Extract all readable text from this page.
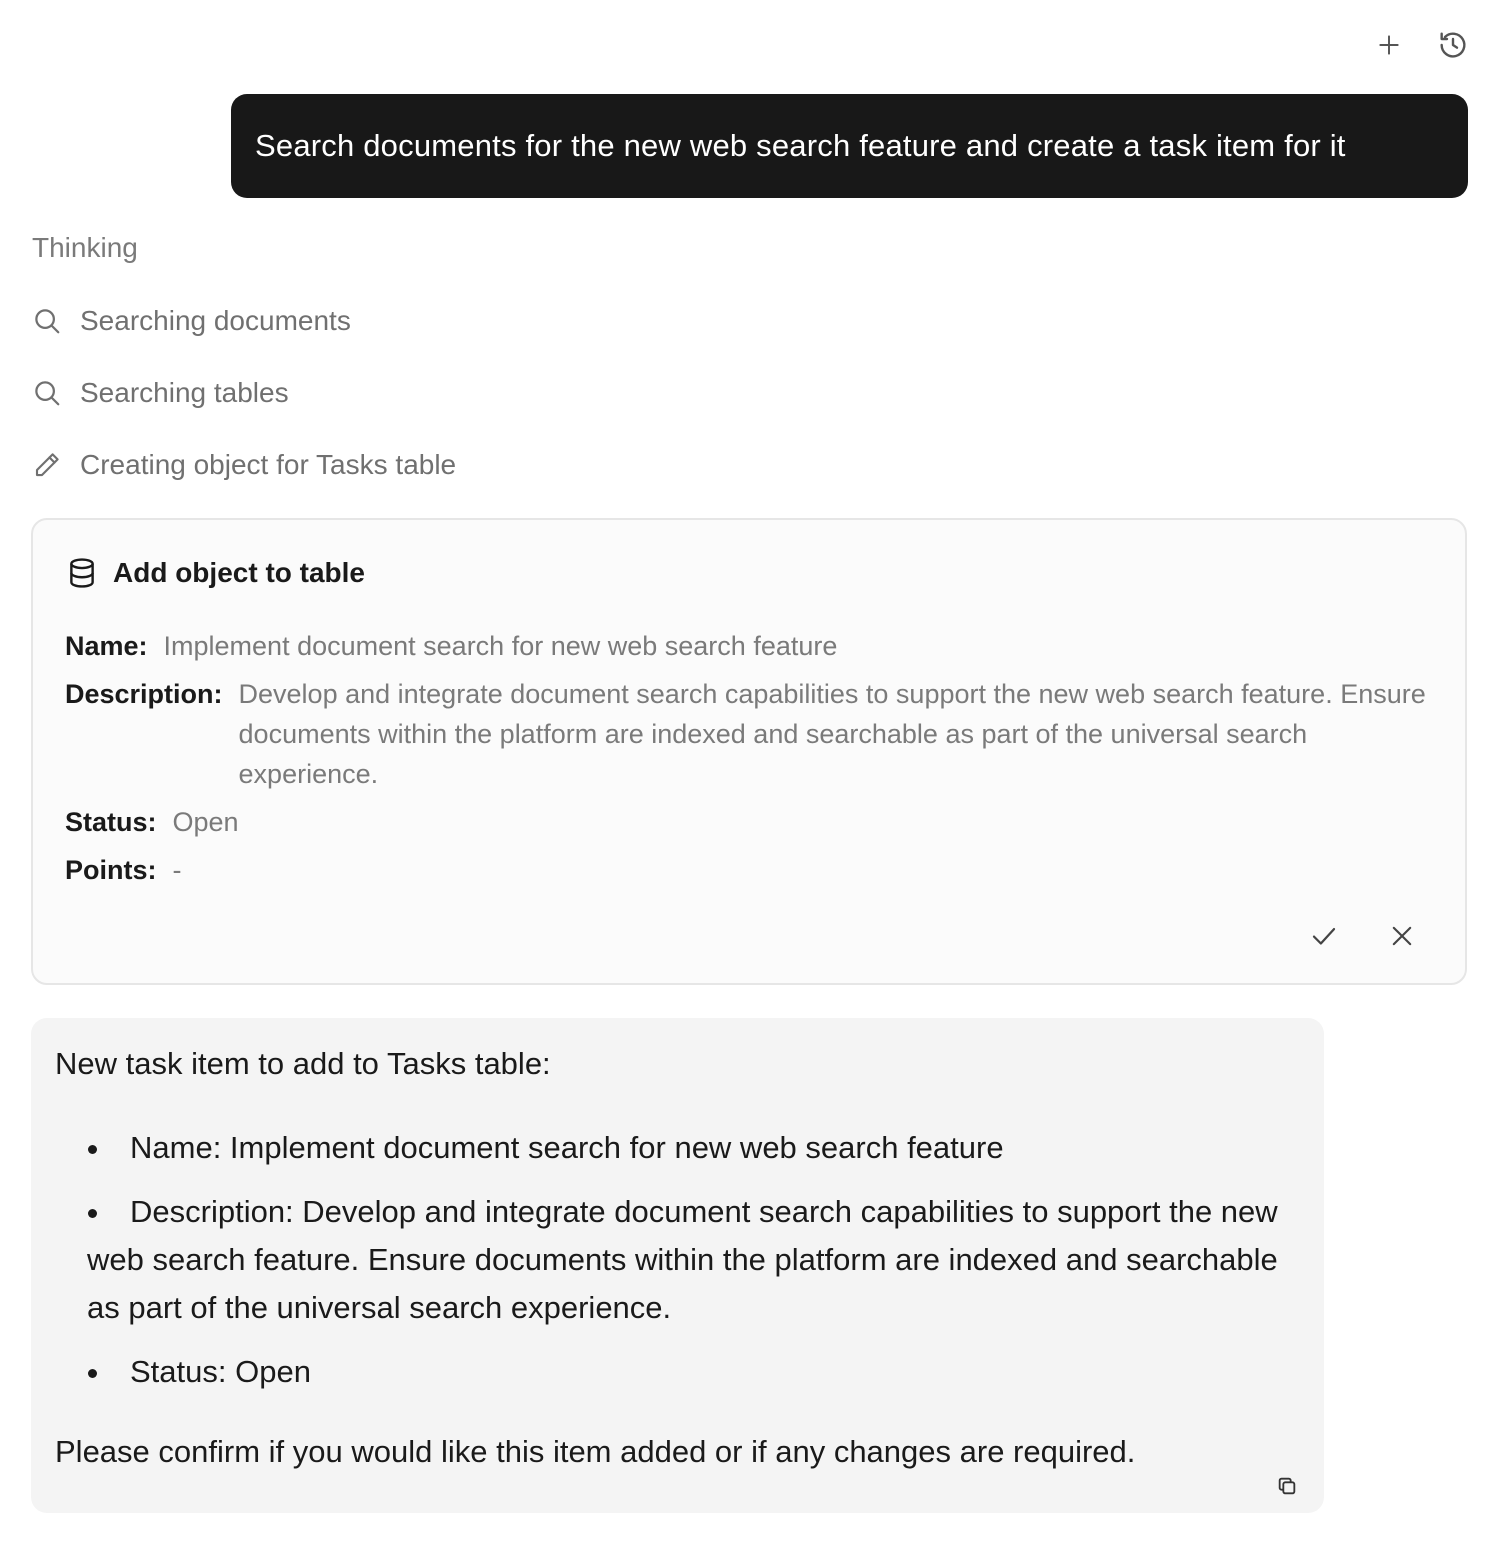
Search documents for the new web search feature and create a task item for it
Thinking
Searching documents
Searching tables
Creating object for Tasks table
Add object to table
Name: Implement document search for new web search feature
Description: Develop and integrate document search capabilities to support the new web search feature. Ensure documents within the platform are indexed and searchable as part of the universal search experience.
Status: Open
Points: -

New task item to add to Tasks table:

Name: Implement document search for new web search feature
Description: Develop and integrate document search capabilities to support the new web search feature. Ensure documents within the platform are indexed and searchable as part of the universal search experience.
Status: Open

Please confirm if you would like this item added or if any changes are required.
